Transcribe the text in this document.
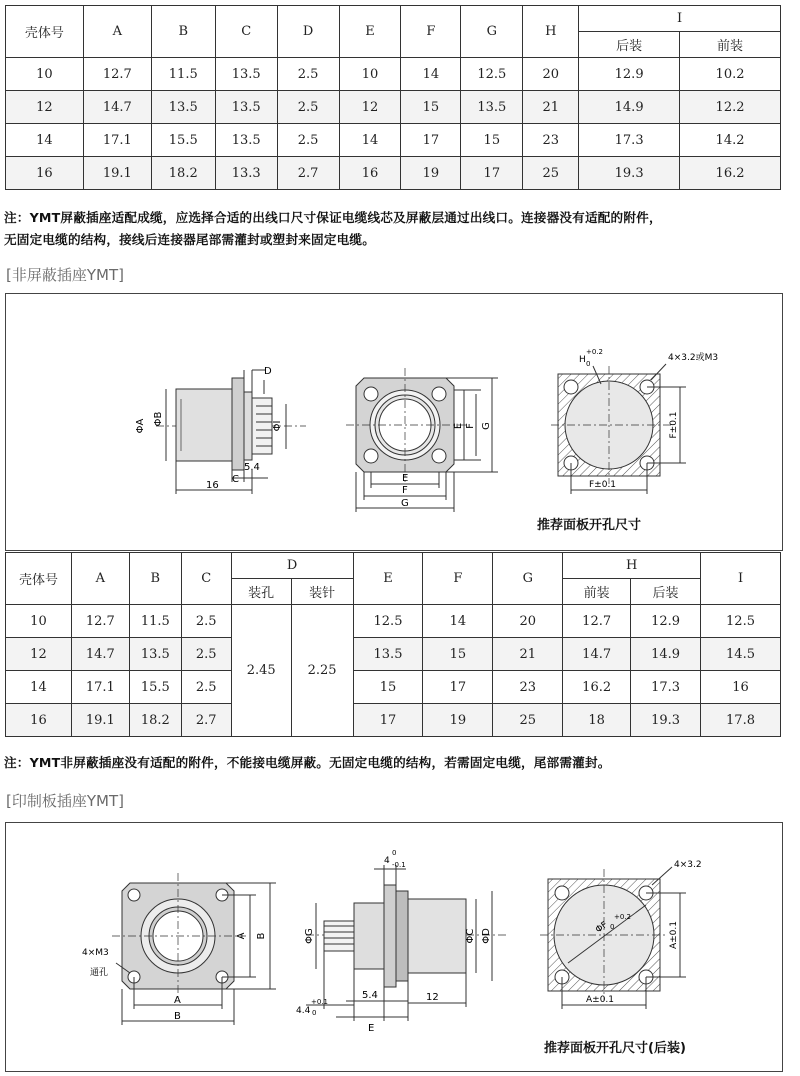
壳体号	A	B	C	D	E	F	G	H	I	
									后装	前装
10	12.7	11.5	13.5	2.5	10	14	12.5	20	12.9	10.2
12	14.7	13.5	13.5	2.5	12	15	13.5	21	14.9	12.2
14	17.1	15.5	13.5	2.5	14	17	15	23	17.3	14.2
16	19.1	18.2	13.3	2.7	16	19	17	25	19.3	16.2
注：YMT屏蔽插座适配成缆，应选择合适的出线口尺寸保证电缆线芯及屏蔽层通过出线口。连接器没有适配的附件，
无固定电缆的结构，接线后连接器尾部需灌封或塑封来固定电缆。
[非屏蔽插座YMT]
ΦA ΦB
D
ΦI
5.4
C
16
E F G
E
F
G
H
+0.2
0
4×3.2或M3
F±0.1
F±0.1
推荐面板开孔尺寸
壳体号	A	B	C	D		E	F	G	H		I
				装孔	装针				前装	后装	
10	12.7	11.5	2.5	2.45	2.25	12.5	14	20	12.7	12.9	12.5
12	14.7	13.5	2.5			13.5	15	21	14.7	14.9	14.5
14	17.1	15.5	2.5			15	17	23	16.2	17.3	16
16	19.1	18.2	2.7			17	19	25	18	19.3	17.8
注：YMT非屏蔽插座没有适配的附件，不能接电缆屏蔽。无固定电缆的结构，若需固定电缆，尾部需灌封。
[印制板插座YMT]
A B
A
B
4×M3
通孔
4
0
-0.1
ΦG	ΦC ΦD
4.4
+0.1
0
5.4	12
E
4×3.2
ΦF
+0.2
0	A±0.1
A±0.1
推荐面板开孔尺寸(后装)
